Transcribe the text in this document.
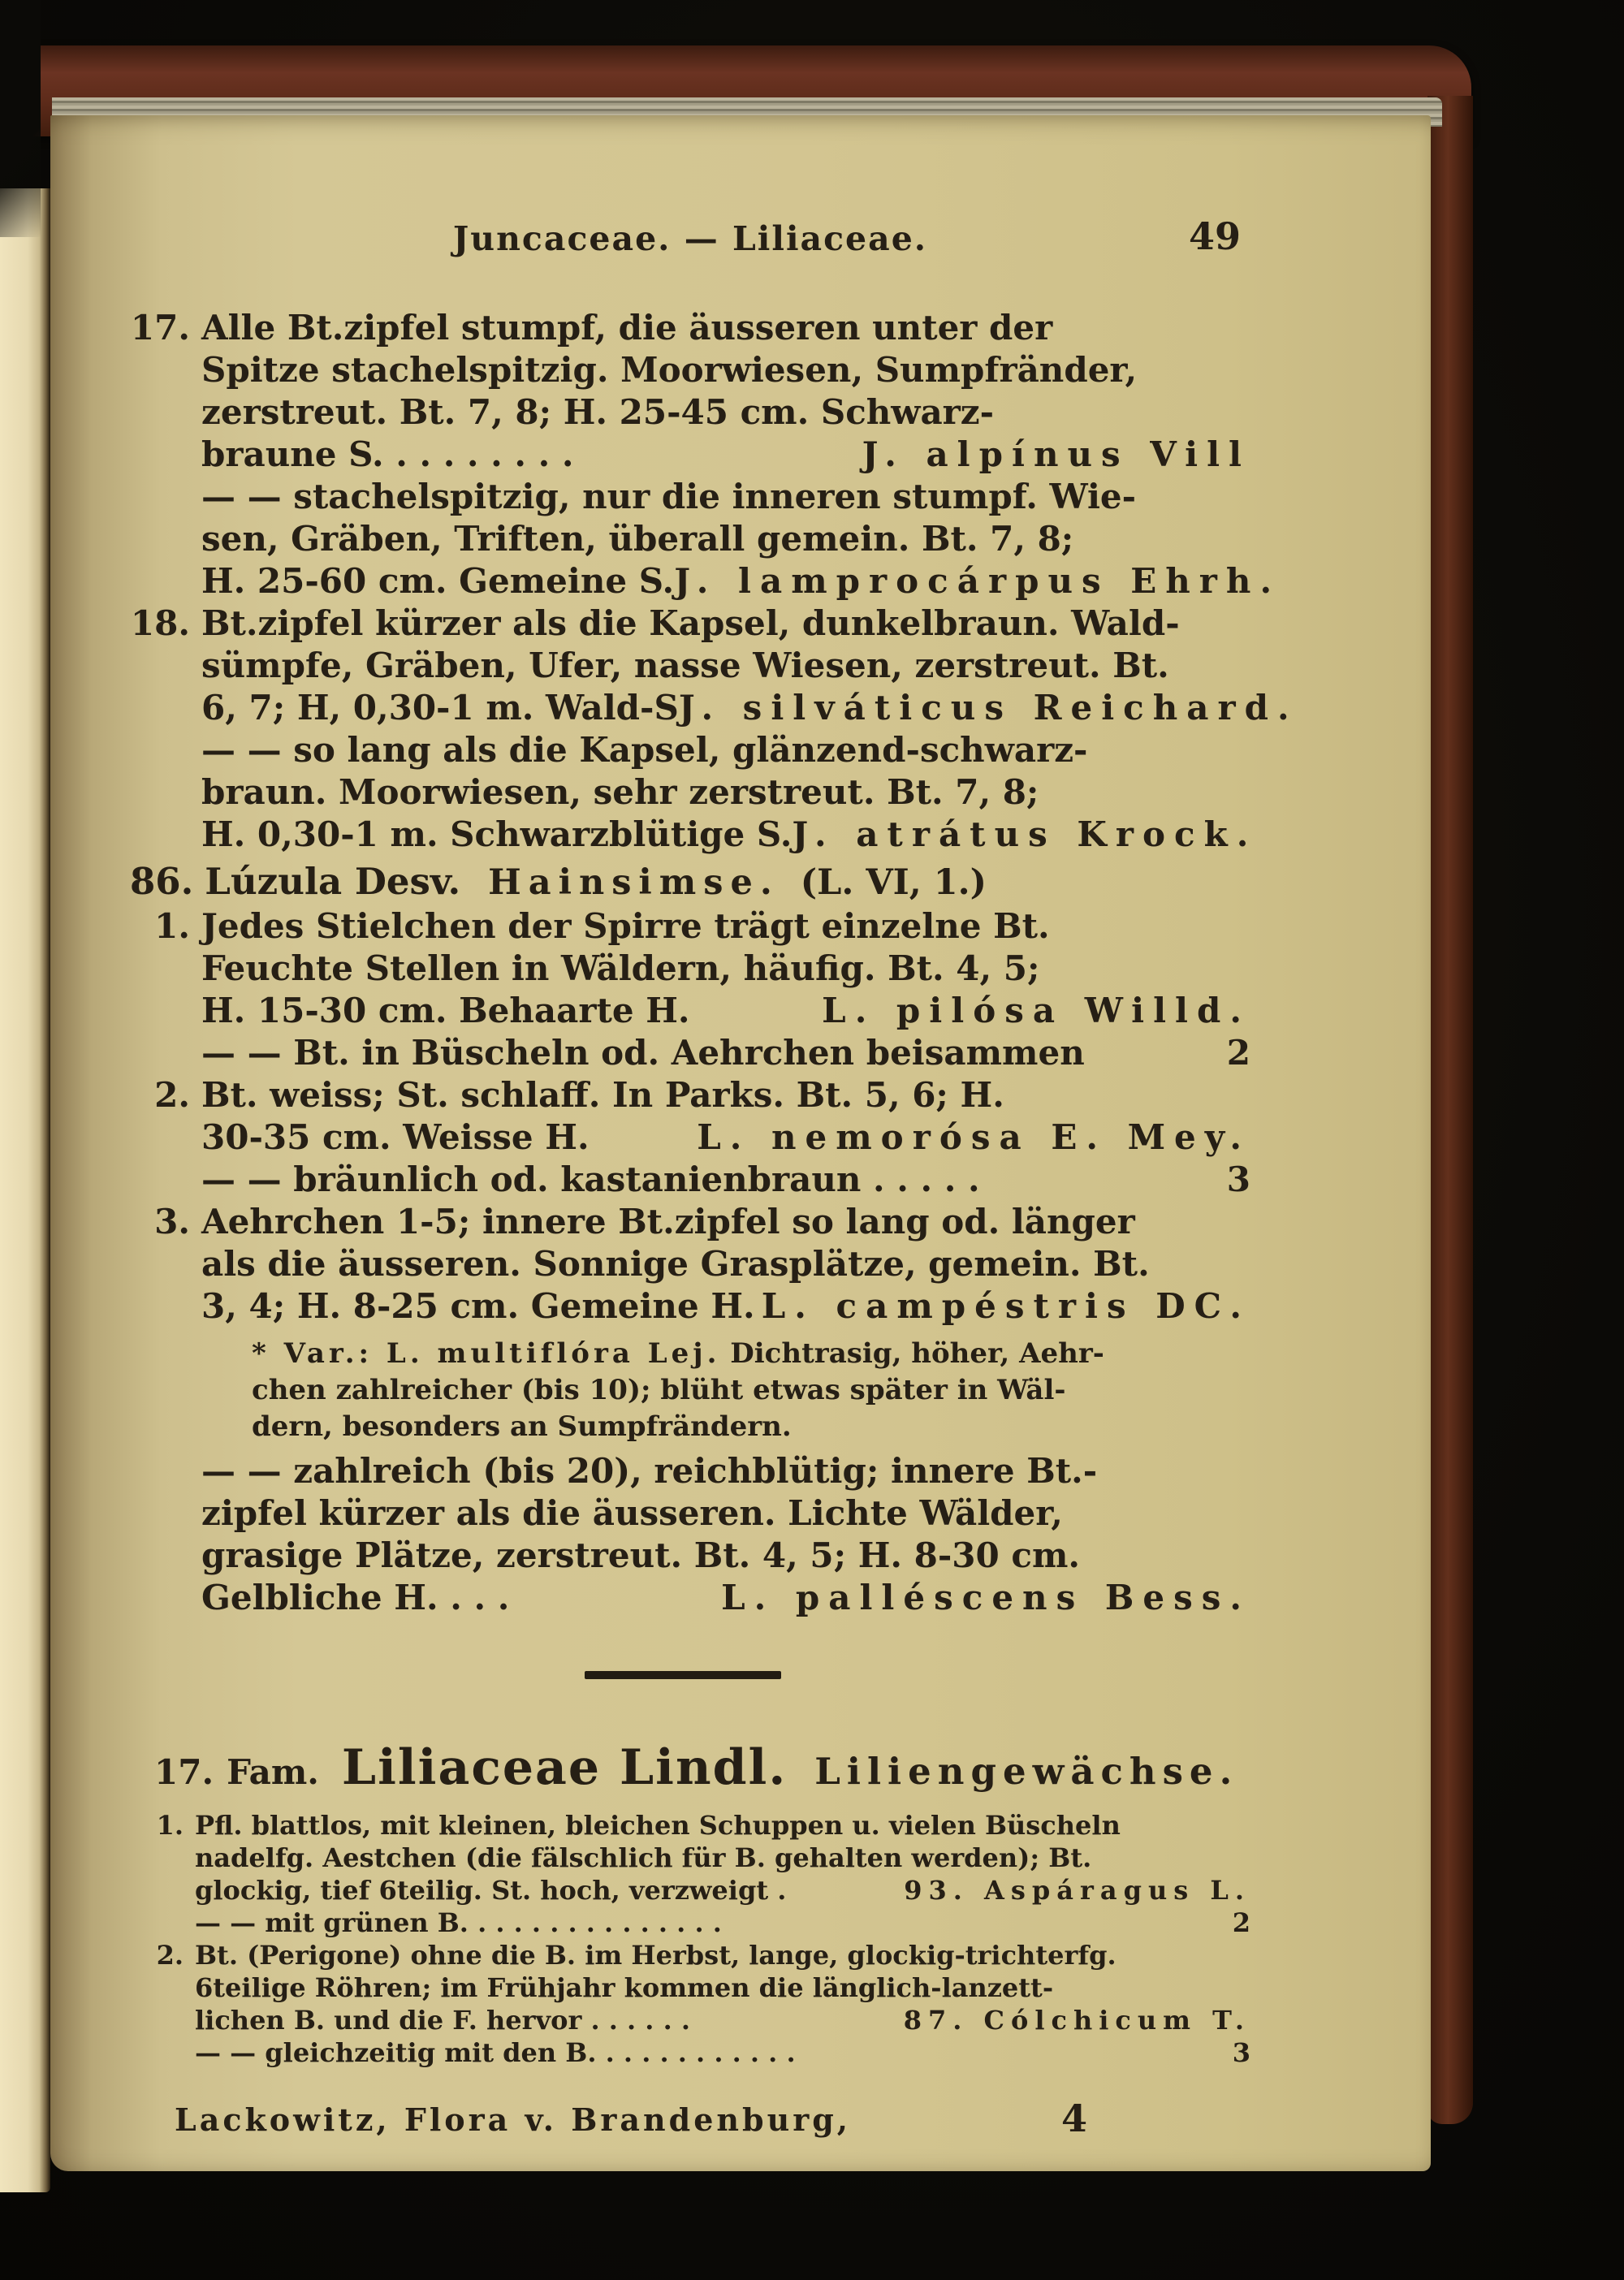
Juncaceae. — Liliaceae.	49
17. Alle Bt.zipfel stumpf, die äusseren unter der
Spitze stachelspitzig. Moorwiesen, Sumpfränder,
zerstreut. Bt. 7, 8; H. 25-45 cm. Schwarz-
braune S. . . . . . . . .	J. alpínus Vill
— — stachelspitzig, nur die inneren stumpf. Wie-
sen, Gräben, Triften, überall gemein. Bt. 7, 8;
H. 25-60 cm. Gemeine S. J. lamprocárpus Ehrh.
18. Bt.zipfel kürzer als die Kapsel, dunkelbraun. Wald-
sümpfe, Gräben, Ufer, nasse Wiesen, zerstreut. Bt.
6, 7; H, 0,30-1 m. Wald-S J. silváticus Reichard.
— — so lang als die Kapsel, glänzend-schwarz-
braun. Moorwiesen, sehr zerstreut. Bt. 7, 8;
H. 0,30-1 m. Schwarzblütige S. J. atrátus Krock.
86. Lúzula Desv. Hainsimse. (L. VI, 1.)
1. Jedes Stielchen der Spirre trägt einzelne Bt.
Feuchte Stellen in Wäldern, häufig. Bt. 4, 5;
H. 15-30 cm. Behaarte H.	L. pilósa Willd.
— — Bt. in Büscheln od. Aehrchen beisammen	2
2. Bt. weiss; St. schlaff. In Parks. Bt. 5, 6; H.
30-35 cm. Weisse H.	L. nemorósa E. Mey.
— — bräunlich od. kastanienbraun . . . . .	3
3. Aehrchen 1-5; innere Bt.zipfel so lang od. länger
als die äusseren. Sonnige Grasplätze, gemein. Bt.
3, 4; H. 8-25 cm. Gemeine H. L. campéstris DC.
* Var.: L. multiflóra Lej. Dichtrasig, höher, Aehr-
chen zahlreicher (bis 10); blüht etwas später in Wäl-
dern, besonders an Sumpfrändern.
— — zahlreich (bis 20), reichblütig; innere Bt.-
zipfel kürzer als die äusseren. Lichte Wälder,
grasige Plätze, zerstreut. Bt. 4, 5; H. 8-30 cm.
Gelbliche H. . . .	L. palléscens Bess.
17. Fam. Liliaceae Lindl. Liliengewächse.
1. Pfl. blattlos, mit kleinen, bleichen Schuppen u. vielen Büscheln
nadelfg. Aestchen (die fälschlich für B. gehalten werden); Bt.
glockig, tief 6teilig. St. hoch, verzweigt .	93. Aspáragus L.
— — mit grünen B. . . . . . . . . . . . . . .	2
2. Bt. (Perigone) ohne die B. im Herbst, lange, glockig-trichterfg.
6teilige Röhren; im Frühjahr kommen die länglich-lanzett-
lichen B. und die F. hervor . . . . . .	87. Cólchicum T.
— — gleichzeitig mit den B. . . . . . . . . . . .	3
Lackowitz, Flora v. Brandenburg,	4
